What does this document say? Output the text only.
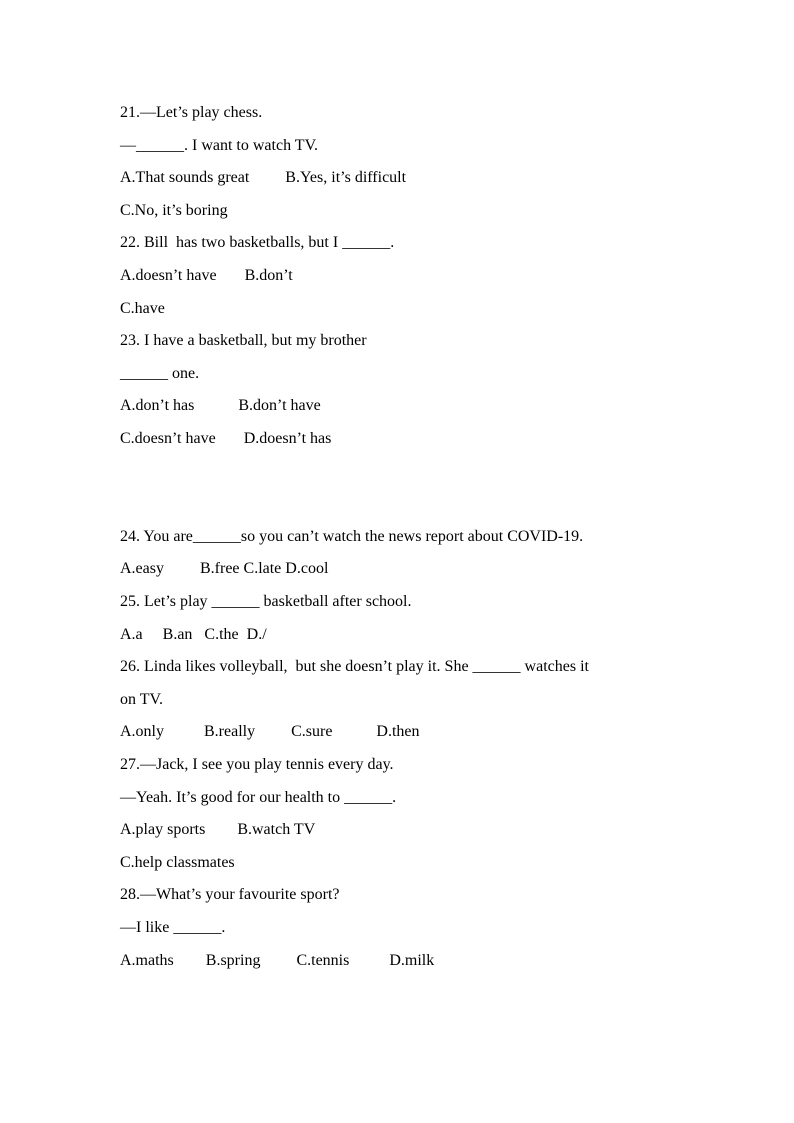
21.—Let’s play chess.

—______. I want to watch TV.

A.That sounds great         B.Yes, it’s difficult

C.No, it’s boring

22. Bill  has two basketballs, but I ______.

A.doesn’t have       B.don’t

C.have

23. I have a basketball, but my brother

______ one.

A.don’t has           B.don’t have

C.doesn’t have       D.doesn’t has

24. You are______so you can’t watch the news report about COVID-19.

A.easy         B.free C.late D.cool

25. Let’s play ______ basketball after school.

A.a     B.an   C.the  D./

26. Linda likes volleyball,  but she doesn’t play it. She ______ watches it

on TV.

A.only          B.really         C.sure           D.then

27.—Jack, I see you play tennis every day.

—Yeah. It’s good for our health to ______.

A.play sports        B.watch TV

C.help classmates

28.—What’s your favourite sport?

—I like ______.

A.maths        B.spring         C.tennis          D.milk
